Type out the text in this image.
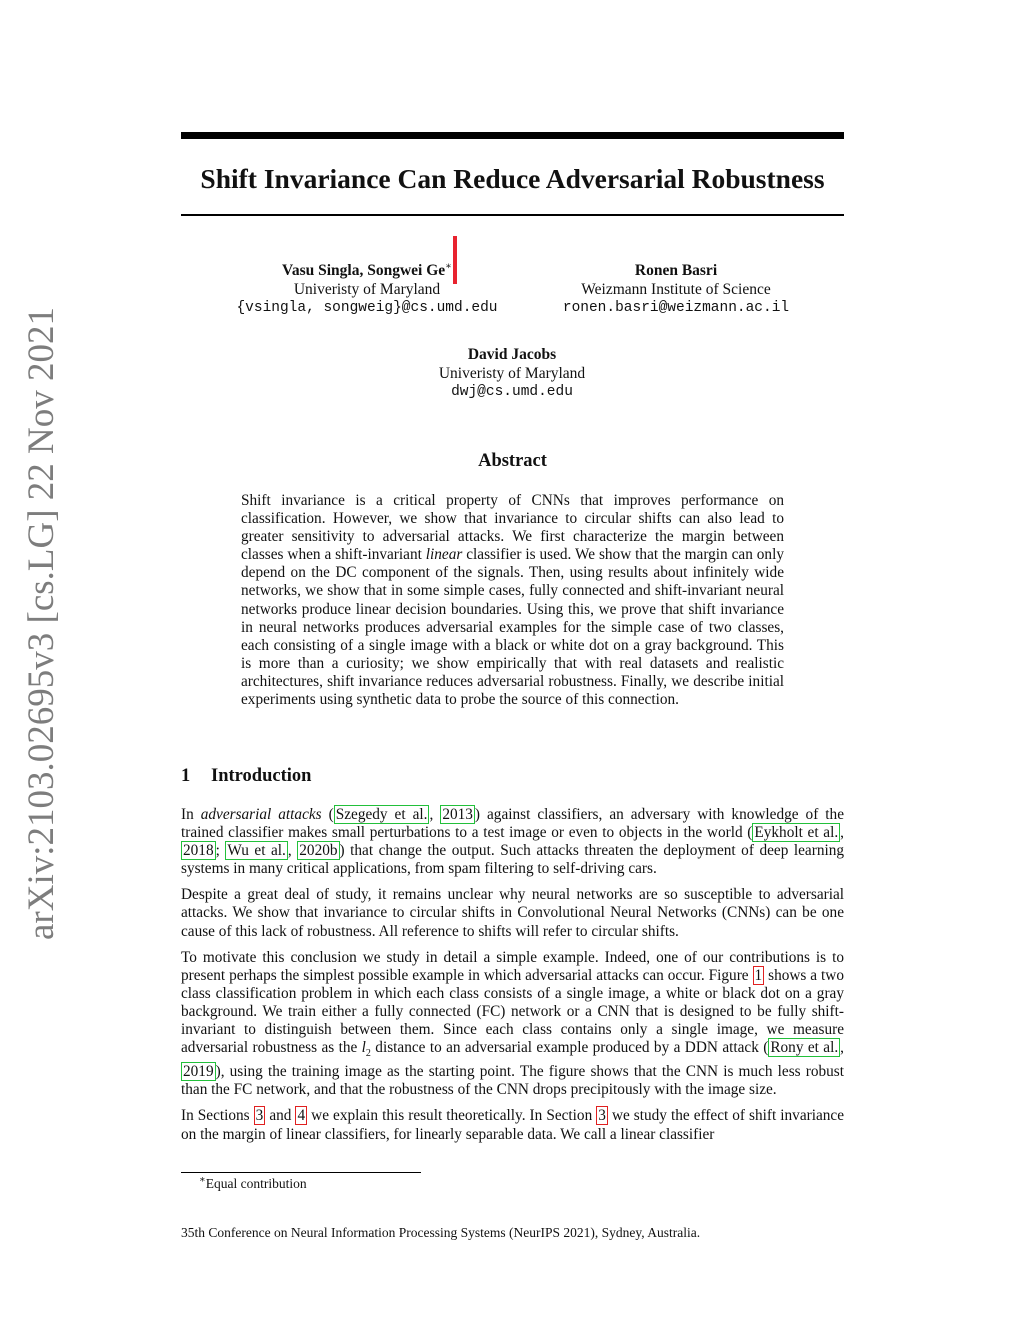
arXiv:2103.02695v3 [cs.LG] 22 Nov 2021
Shift Invariance Can Reduce Adversarial Robustness
Vasu Singla, Songwei Ge∗
Univeristy of Maryland
{vsingla, songweig}@cs.umd.edu
Ronen Basri
Weizmann Institute of Science
ronen.basri@weizmann.ac.il
David Jacobs
Univeristy of Maryland
dwj@cs.umd.edu
Abstract

Shift invariance is a critical property of CNNs that improves performance on classification. However, we show that invariance to circular shifts can also lead to greater sensitivity to adversarial attacks. We first characterize the margin between classes when a shift-invariant linear classifier is used. We show that the margin can only depend on the DC component of the signals. Then, using results about infinitely wide networks, we show that in some simple cases, fully connected and shift-invariant neural networks produce linear decision boundaries. Using this, we prove that shift invariance in neural networks produces adversarial examples for the simple case of two classes, each consisting of a single image with a black or white dot on a gray background. This is more than a curiosity; we show empirically that with real datasets and realistic architectures, shift invariance reduces adversarial robustness. Finally, we describe initial experiments using synthetic data to probe the source of this connection.

1 Introduction

In adversarial attacks ( Szegedy et al. , 2013 ) against classifiers, an adversary with knowledge of the trained classifier makes small perturbations to a test image or even to objects in the world ( Eykholt et al. , 2018 ; Wu et al. , 2020b ) that change the output. Such attacks threaten the deployment of deep learning systems in many critical applications, from spam filtering to self-driving cars.

Despite a great deal of study, it remains unclear why neural networks are so susceptible to adversarial attacks. We show that invariance to circular shifts in Convolutional Neural Networks (CNNs) can be one cause of this lack of robustness. All reference to shifts will refer to circular shifts.

To motivate this conclusion we study in detail a simple example. Indeed, one of our contributions is to present perhaps the simplest possible example in which adversarial attacks can occur. Figure 1 shows a two class classification problem in which each class consists of a single image, a white or black dot on a gray background. We train either a fully connected (FC) network or a CNN that is designed to be fully shift-invariant to distinguish between them. Since each class contains only a single image, we measure adversarial robustness as the $l_2$ distance to an adversarial example produced by a DDN attack ( Rony et al. , 2019 ), using the training image as the starting point. The figure shows that the CNN is much less robust than the FC network, and that the robustness of the CNN drops precipitously with the image size.

In Sections 3 and 4 we explain this result theoretically. In Section 3 we study the effect of shift invariance on the margin of linear classifiers, for linearly separable data. We call a linear classifier

∗Equal contribution

35th Conference on Neural Information Processing Systems (NeurIPS 2021), Sydney, Australia.
